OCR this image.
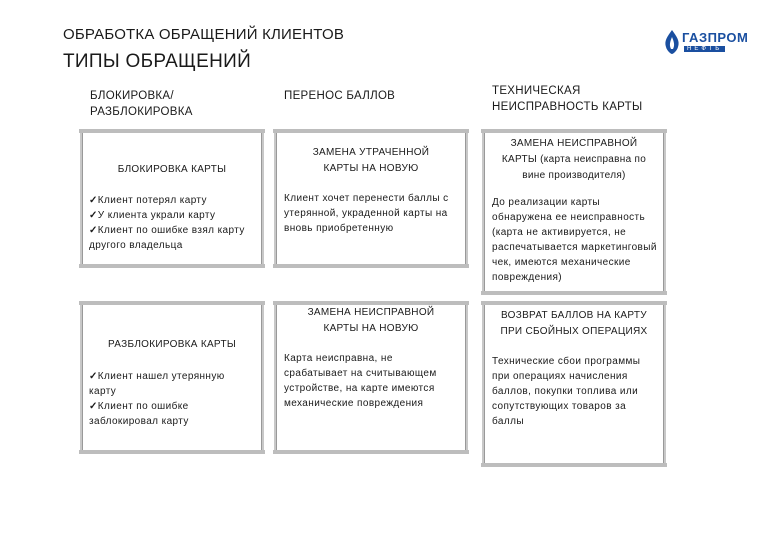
ОБРАБОТКА ОБРАЩЕНИЙ КЛИЕНТОВ
ТИПЫ ОБРАЩЕНИЙ
ГАЗПРОМ
НЕФТЬ
БЛОКИРОВКА/
РАЗБЛОКИРОВКА
ПЕРЕНОС БАЛЛОВ	ТЕХНИЧЕСКАЯ
НЕИСПРАВНОСТЬ КАРТЫ
БЛОКИРОВКА КАРТЫ
✓ Клиент потерял карту
✓ У клиента украли карту
✓ Клиент по ошибке взял карту другого владельца
РАЗБЛОКИРОВКА КАРТЫ
✓ Клиент нашел утерянную карту
✓ Клиент по ошибке заблокировал карту
ЗАМЕНА УТРАЧЕННОЙ
КАРТЫ НА НОВУЮ
Клиент хочет перенести баллы с утерянной, украденной карты на вновь приобретенную
ЗАМЕНА НЕИСПРАВНОЙ
КАРТЫ НА НОВУЮ
Карта неисправна, не срабатывает на считывающем устройстве, на карте имеются механические повреждения
ЗАМЕНА НЕИСПРАВНОЙ
КАРТЫ (карта неисправна по
вине производителя)
До реализации карты обнаружена ее неисправность (карта не активируется, не распечатывается маркетинговый чек, имеются механические повреждения)
ВОЗВРАТ БАЛЛОВ НА КАРТУ
ПРИ СБОЙНЫХ ОПЕРАЦИЯХ
Технические сбои программы при операциях начисления баллов, покупки топлива или сопутствующих товаров за баллы
